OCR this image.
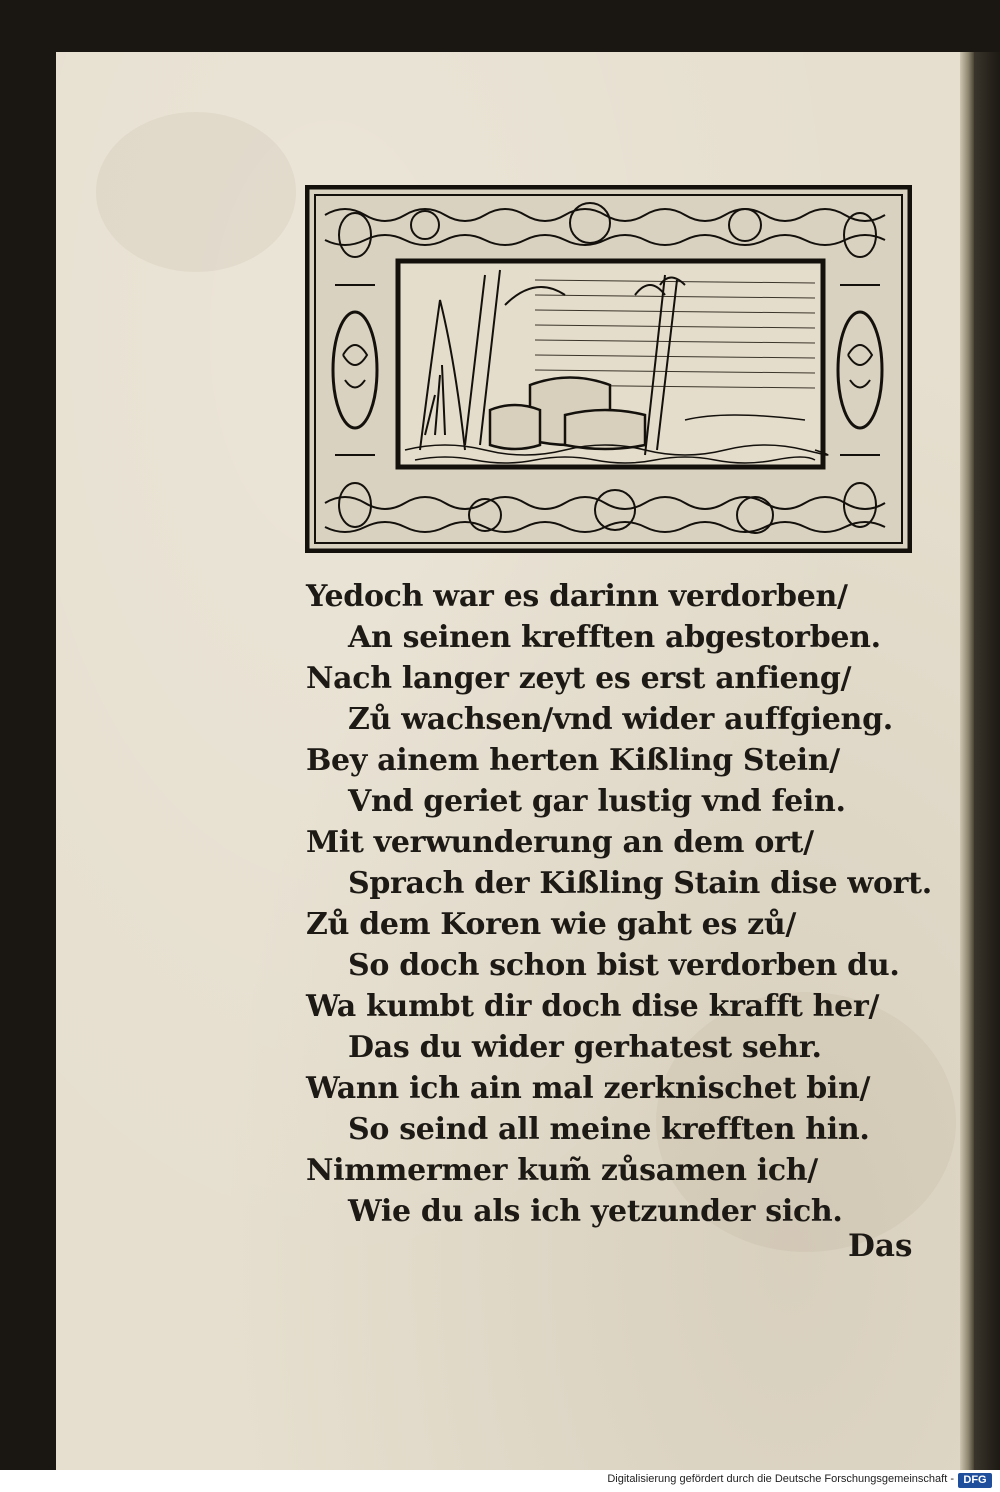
Yedoch war es darinn verdorben/
An seinen krefften abgestorben.
Nach langer zeyt es erst anfieng/
Zů wachsen/vnd wider auffgieng.
Bey ainem herten Kißling Stein/
Vnd geriet gar lustig vnd fein.
Mit verwunderung an dem ort/
Sprach der Kißling Stain dise wort.
Zů dem Koren wie gaht es zů/
So doch schon bist verdorben du.
Wa kumbt dir doch dise krafft her/
Das du wider gerhatest sehr.
Wann ich ain mal zerknischet bin/
So seind all meine krefften hin.
Nimmermer kum̃ zůsamen ich/
Wie du als ich yetzunder sich.
Das
Digitalisierung gefördert durch die Deutsche Forschungsgemeinschaft - DFG
